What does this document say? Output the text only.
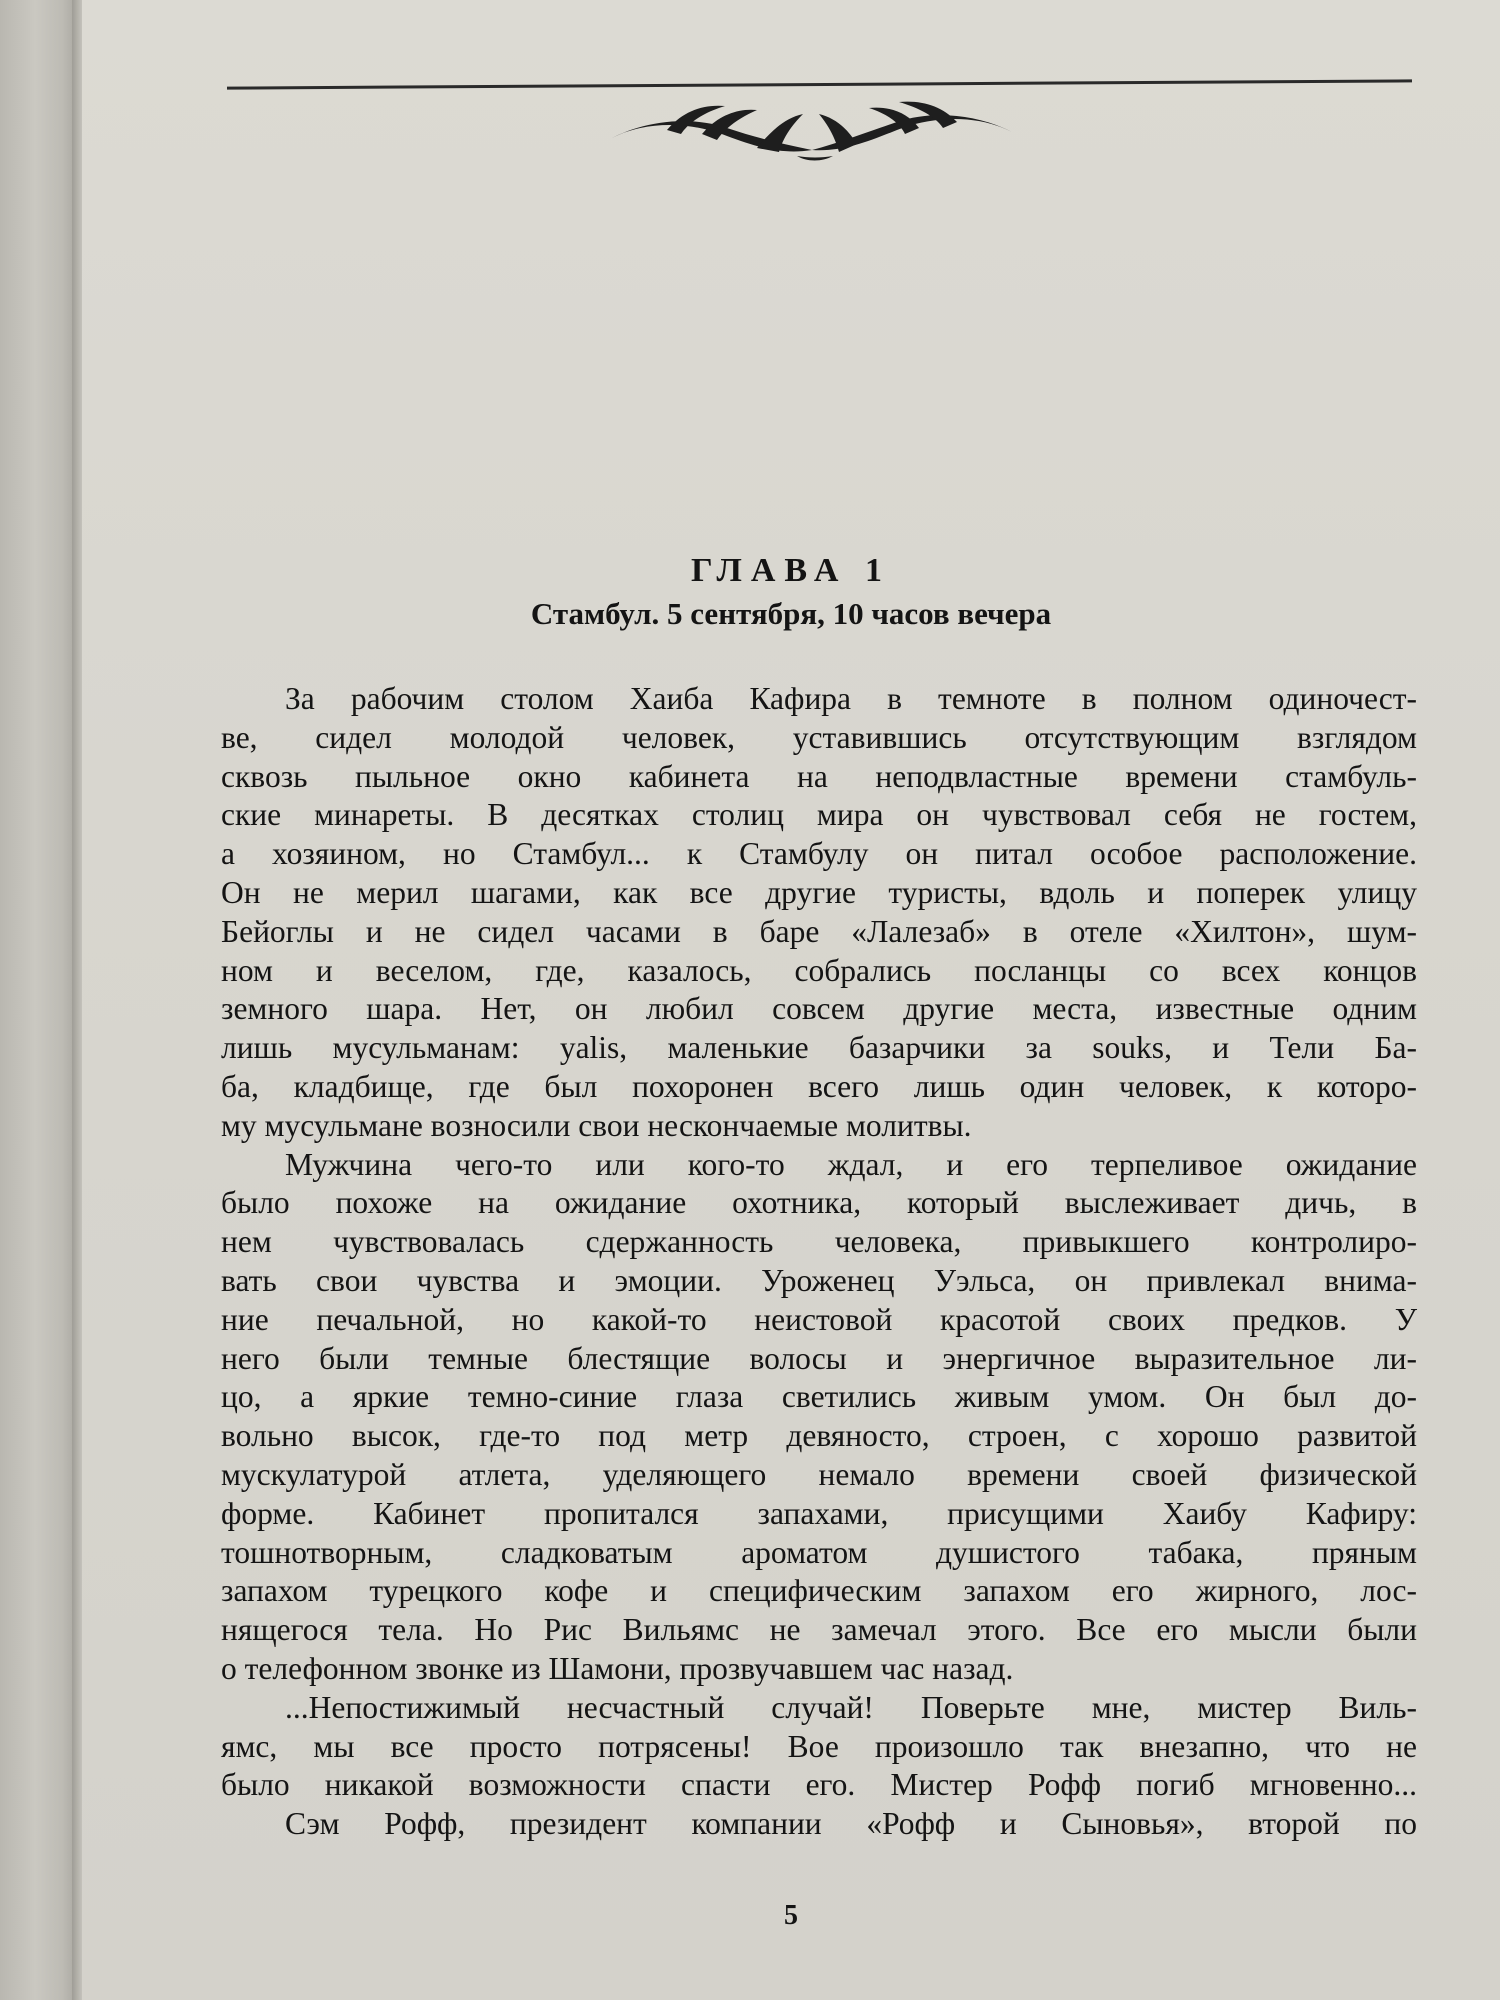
ГЛАВА 1
Стамбул. 5 сентября, 10 часов вечера
За рабочим столом Хаиба Кафира в темноте в полном одиночест-
ве, сидел молодой человек, уставившись отсутствующим взглядом
сквозь пыльное окно кабинета на неподвластные времени стамбуль-
ские минареты. В десятках столиц мира он чувствовал себя не гостем,
а хозяином, но Стамбул... к Стамбулу он питал особое расположение.
Он не мерил шагами, как все другие туристы, вдоль и поперек улицу
Бейоглы и не сидел часами в баре «Лалезаб» в отеле «Хилтон», шум-
ном и веселом, где, казалось, собрались посланцы со всех концов
земного шара. Нет, он любил совсем другие места, известные одним
лишь мусульманам: yalis, маленькие базарчики за souks, и Тели Ба-
ба, кладбище, где был похоронен всего лишь один человек, к которо-
му мусульмане возносили свои нескончаемые молитвы.
Мужчина чего-то или кого-то ждал, и его терпеливое ожидание
было похоже на ожидание охотника, который выслеживает дичь, в
нем чувствовалась сдержанность человека, привыкшего контролиро-
вать свои чувства и эмоции. Уроженец Уэльса, он привлекал внима-
ние печальной, но какой-то неистовой красотой своих предков. У
него были темные блестящие волосы и энергичное выразительное ли-
цо, а яркие темно-синие глаза светились живым умом. Он был до-
вольно высок, где-то под метр девяносто, строен, с хорошо развитой
мускулатурой атлета, уделяющего немало времени своей физической
форме. Кабинет пропитался запахами, присущими Хаибу Кафиру:
тошнотворным, сладковатым ароматом душистого табака, пряным
запахом турецкого кофе и специфическим запахом его жирного, лос-
нящегося тела. Но Рис Вильямс не замечал этого. Все его мысли были
о телефонном звонке из Шамони, прозвучавшем час назад.
...Непостижимый несчастный случай! Поверьте мне, мистер Виль-
ямс, мы все просто потрясены! Вое произошло так внезапно, что не
было никакой возможности спасти его. Мистер Рофф погиб мгновенно...
Сэм Рофф, президент компании «Рофф и Сыновья», второй по
5
